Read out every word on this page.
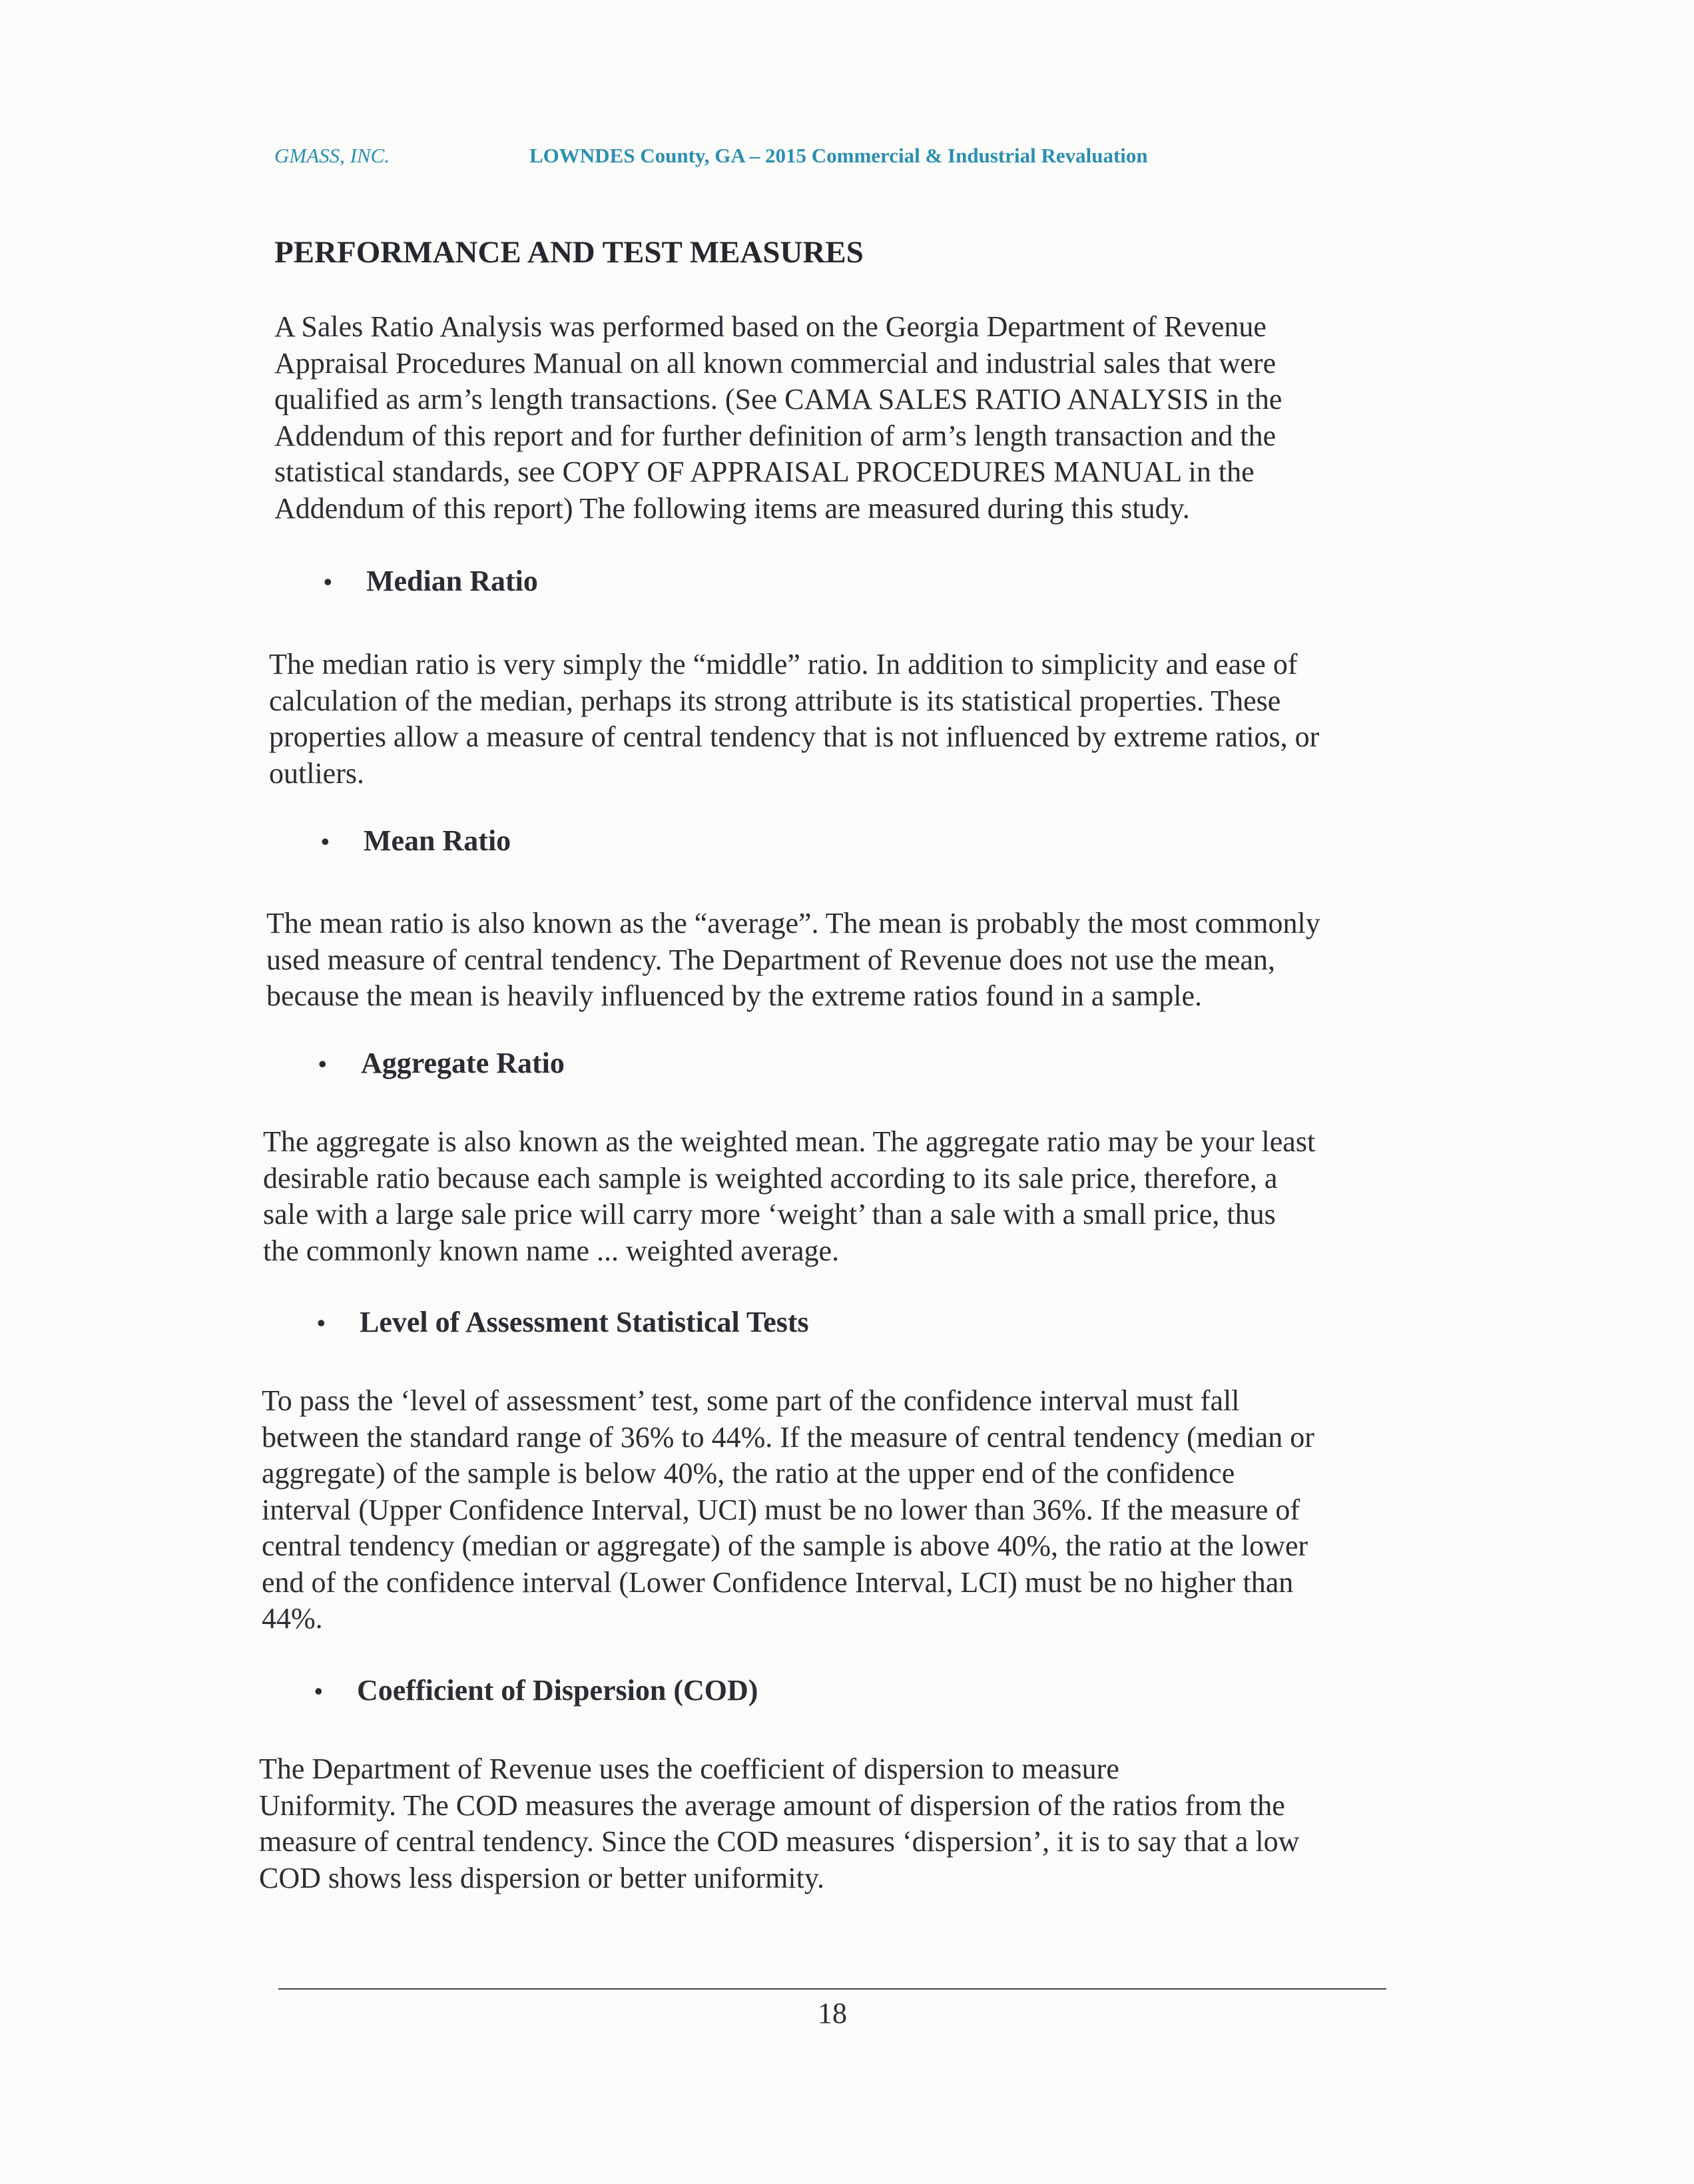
GMASS, INC.	LOWNDES County, GA – 2015 Commercial & Industrial Revaluation
PERFORMANCE AND TEST MEASURES
A Sales Ratio Analysis was performed based on the Georgia Department of Revenue
Appraisal Procedures Manual on all known commercial and industrial sales that were
qualified as arm’s length transactions. (See CAMA SALES RATIO ANALYSIS in the
Addendum of this report and for further definition of arm’s length transaction and the
statistical standards, see COPY OF APPRAISAL PROCEDURES MANUAL in the
Addendum of this report) The following items are measured during this study.
• Median Ratio
The median ratio is very simply the “middle” ratio. In addition to simplicity and ease of
calculation of the median, perhaps its strong attribute is its statistical properties. These
properties allow a measure of central tendency that is not influenced by extreme ratios, or
outliers.
• Mean Ratio
The mean ratio is also known as the “average”. The mean is probably the most commonly
used measure of central tendency. The Department of Revenue does not use the mean,
because the mean is heavily influenced by the extreme ratios found in a sample.
• Aggregate Ratio
The aggregate is also known as the weighted mean. The aggregate ratio may be your least
desirable ratio because each sample is weighted according to its sale price, therefore, a
sale with a large sale price will carry more ‘weight’ than a sale with a small price, thus
the commonly known name ... weighted average.
• Level of Assessment Statistical Tests
To pass the ‘level of assessment’ test, some part of the confidence interval must fall
between the standard range of 36% to 44%. If the measure of central tendency (median or
aggregate) of the sample is below 40%, the ratio at the upper end of the confidence
interval (Upper Confidence Interval, UCI) must be no lower than 36%. If the measure of
central tendency (median or aggregate) of the sample is above 40%, the ratio at the lower
end of the confidence interval (Lower Confidence Interval, LCI) must be no higher than
44%.
• Coefficient of Dispersion (COD)
The Department of Revenue uses the coefficient of dispersion to measure
Uniformity. The COD measures the average amount of dispersion of the ratios from the
measure of central tendency. Since the COD measures ‘dispersion’, it is to say that a low
COD shows less dispersion or better uniformity.
18
